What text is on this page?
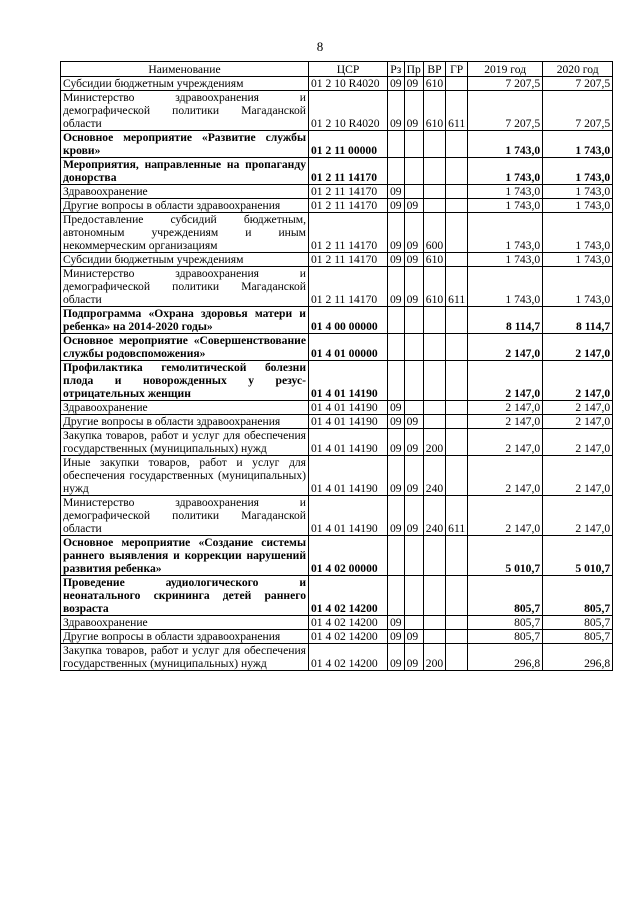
8
Наименование	ЦСР	Рз	Пр	ВР	ГР	2019 год	2020 год
Субсидии бюджетным учреждениям	01 2 10 R4020	09	09	610		7 207,5	7 207,5
Министерство здравоохранения и демографической политики Магаданской области	01 2 10 R4020	09	09	610	611	7 207,5	7 207,5
Основное мероприятие «Развитие службы крови»	01 2 11 00000					1 743,0	1 743,0
Мероприятия, направленные на пропаганду донорства	01 2 11 14170					1 743,0	1 743,0
Здравоохранение	01 2 11 14170	09				1 743,0	1 743,0
Другие вопросы в области здравоохранения	01 2 11 14170	09	09			1 743,0	1 743,0
Предоставление субсидий бюджетным, автономным учреждениям и иным некоммерческим организациям	01 2 11 14170	09	09	600		1 743,0	1 743,0
Субсидии бюджетным учреждениям	01 2 11 14170	09	09	610		1 743,0	1 743,0
Министерство здравоохранения и демографической политики Магаданской области	01 2 11 14170	09	09	610	611	1 743,0	1 743,0
Подпрограмма «Охрана здоровья матери и ребенка» на 2014-2020 годы»	01 4 00 00000					8 114,7	8 114,7
Основное мероприятие «Совершенствование службы родовспоможения»	01 4 01 00000					2 147,0	2 147,0
Профилактика гемолитической болезни плода и новорожденных у резус-отрицательных женщин	01 4 01 14190					2 147,0	2 147,0
Здравоохранение	01 4 01 14190	09				2 147,0	2 147,0
Другие вопросы в области здравоохранения	01 4 01 14190	09	09			2 147,0	2 147,0
Закупка товаров, работ и услуг для обеспечения государственных (муниципальных) нужд	01 4 01 14190	09	09	200		2 147,0	2 147,0
Иные закупки товаров, работ и услуг для обеспечения государственных (муниципальных) нужд	01 4 01 14190	09	09	240		2 147,0	2 147,0
Министерство здравоохранения и демографической политики Магаданской области	01 4 01 14190	09	09	240	611	2 147,0	2 147,0
Основное мероприятие «Создание системы раннего выявления и коррекции нарушений развития ребенка»	01 4 02 00000					5 010,7	5 010,7
Проведение аудиологического и неонатального скрининга детей раннего возраста	01 4 02 14200					805,7	805,7
Здравоохранение	01 4 02 14200	09				805,7	805,7
Другие вопросы в области здравоохранения	01 4 02 14200	09	09			805,7	805,7
Закупка товаров, работ и услуг для обеспечения государственных (муниципальных) нужд	01 4 02 14200	09	09	200		296,8	296,8
